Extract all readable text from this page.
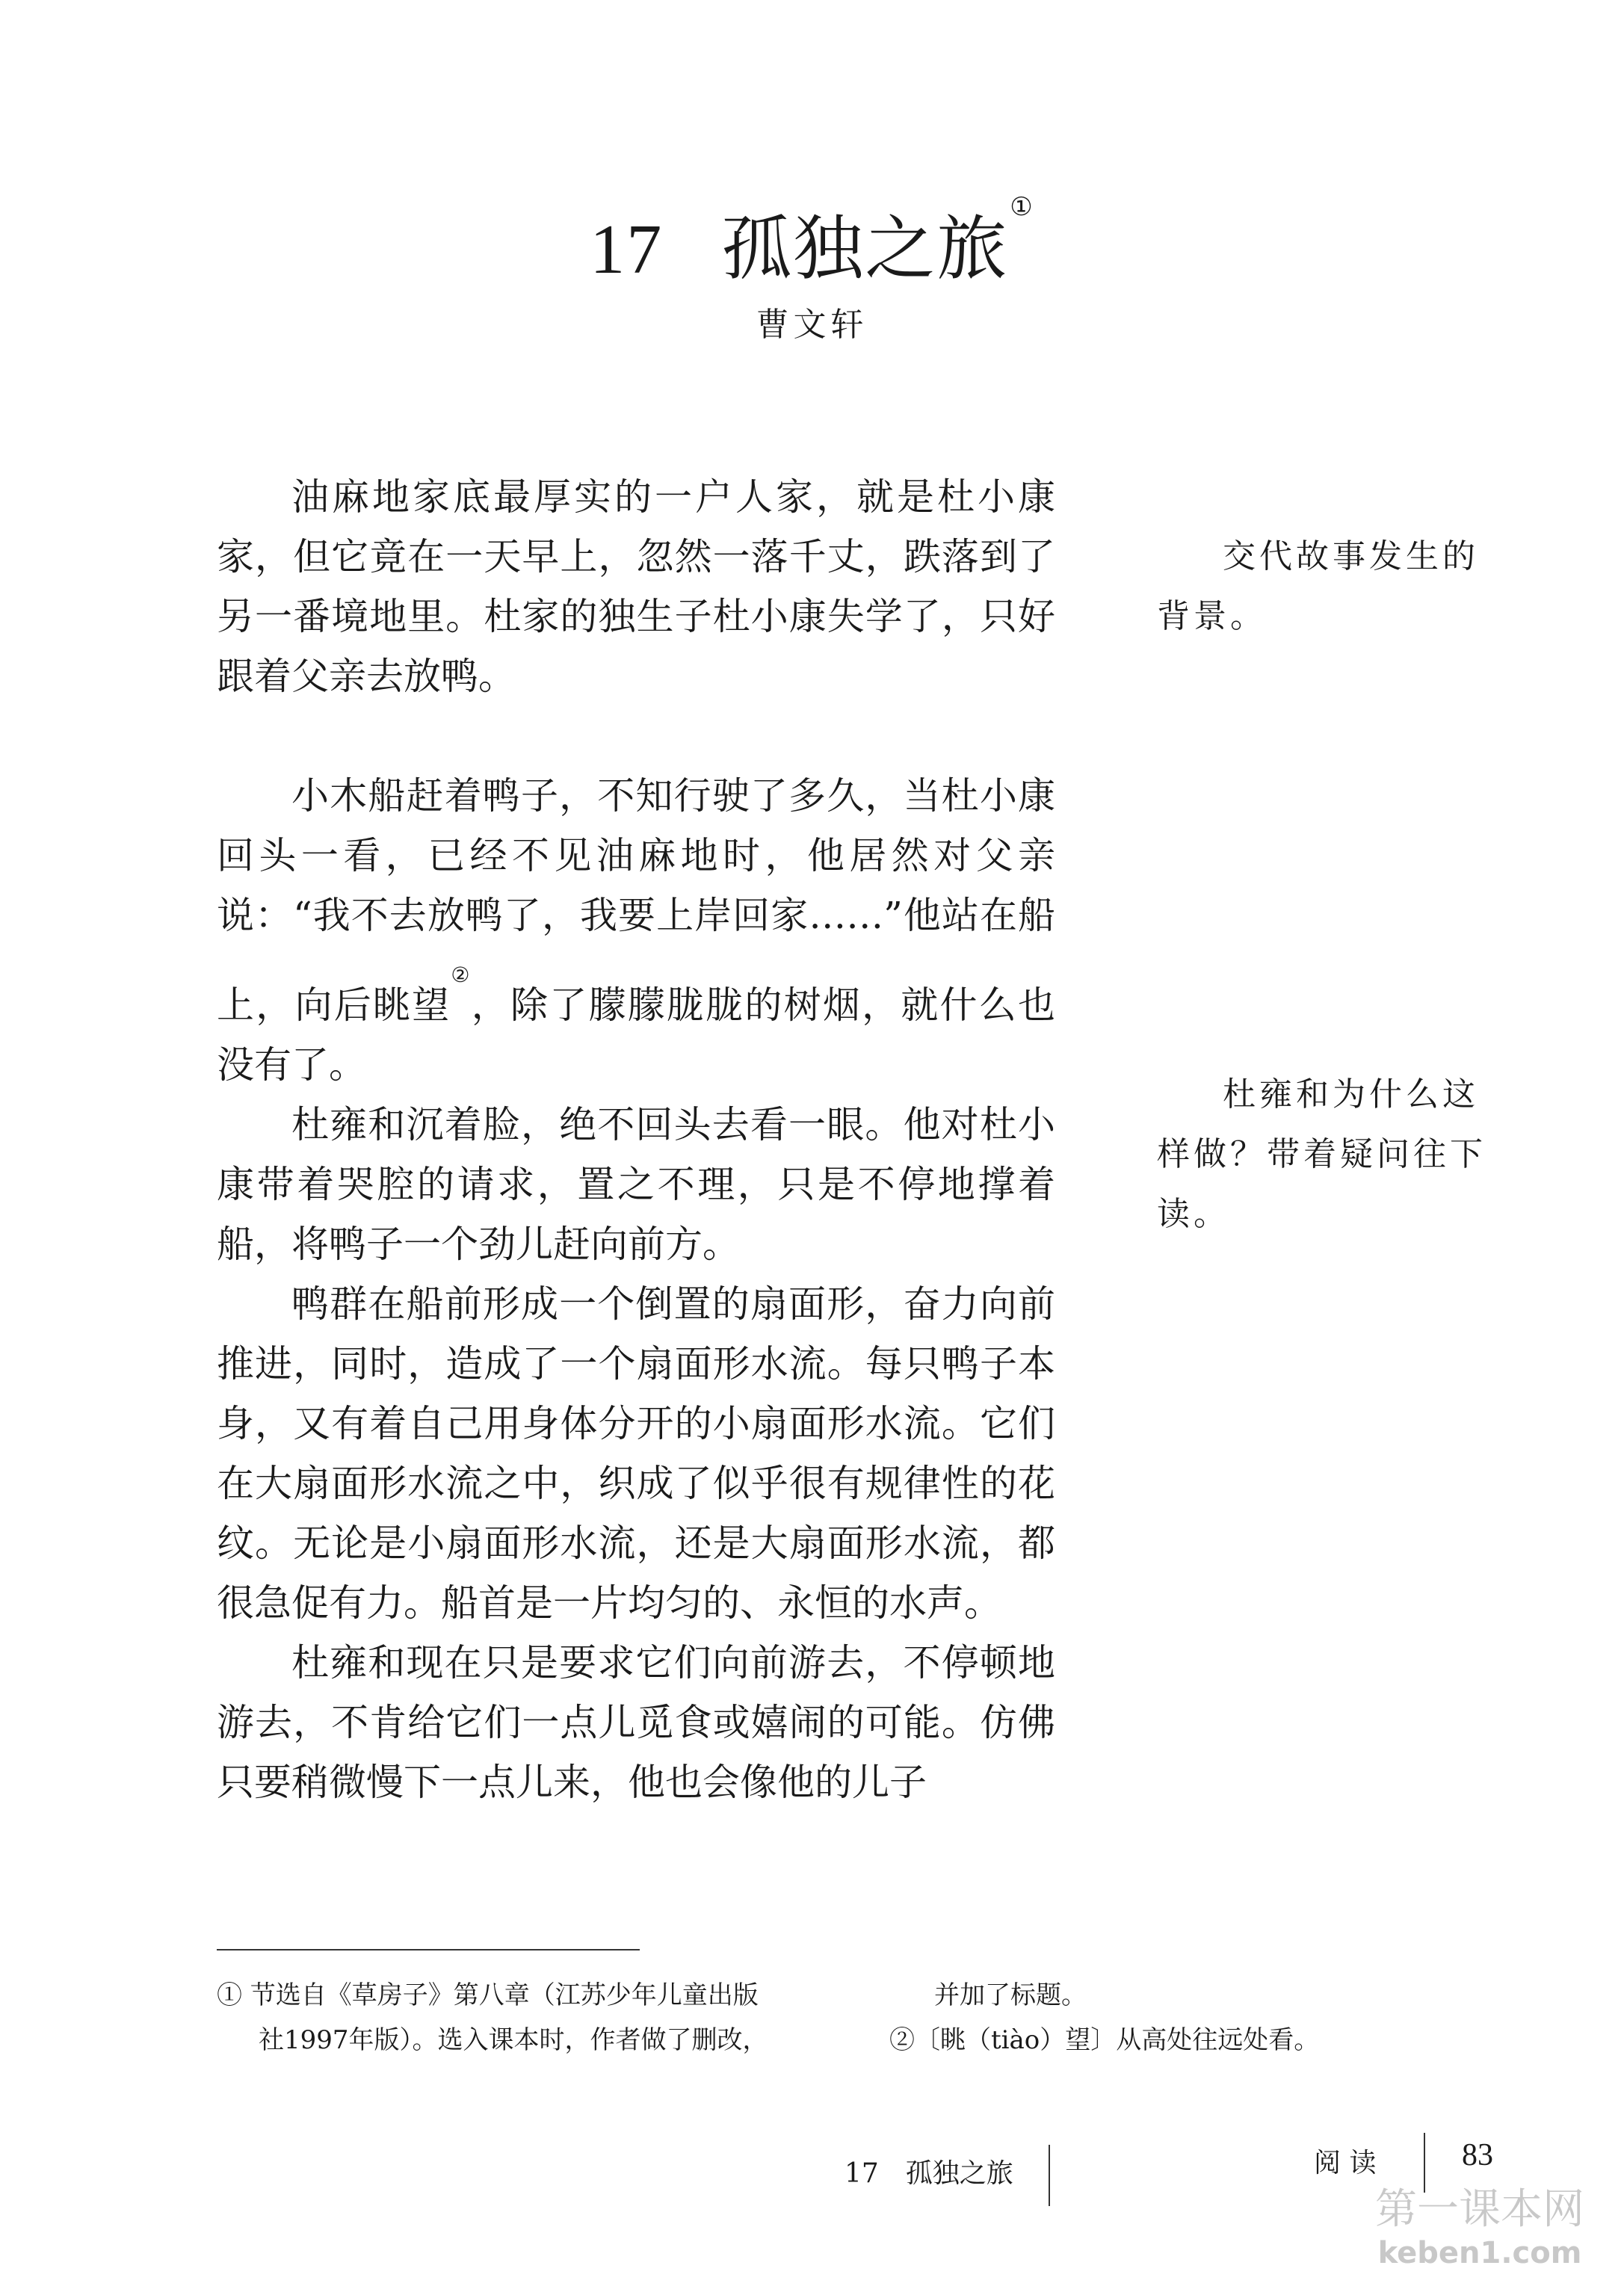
17 孤独之旅①
曹文轩

油麻地家底最厚实的一户人家，就是杜小康家，但它竟在一天早上，忽然一落千丈，跌落到了另一番境地里。杜家的独生子杜小康失学了，只好跟着父亲去放鸭。

小木船赶着鸭子，不知行驶了多久，当杜小康回头一看，已经不见油麻地时，他居然对父亲说：“我不去放鸭了，我要上岸回家……”他站在船上，向后眺望②，除了朦朦胧胧的树烟，就什么也没有了。

杜雍和沉着脸，绝不回头去看一眼。他对杜小康带着哭腔的请求，置之不理，只是不停地撑着船，将鸭子一个劲儿赶向前方。

鸭群在船前形成一个倒置的扇面形，奋力向前推进，同时，造成了一个扇面形水流。每只鸭子本身，又有着自己用身体分开的小扇面形水流。它们在大扇面形水流之中，织成了似乎很有规律性的花纹。无论是小扇面形水流，还是大扇面形水流，都很急促有力。船首是一片均匀的、永恒的水声。

杜雍和现在只是要求它们向前游去，不停顿地游去，不肯给它们一点儿觅食或嬉闹的可能。仿佛只要稍微慢下一点儿来，他也会像他的儿子

交代故事发生的背景。

杜雍和为什么这样做？带着疑问往下读。

① 节选自《草房子》第八章（江苏少年儿童出版

社1997年版）。选入课本时，作者做了删改，

并加了标题。

②〔眺（tiào）望〕从高处往远处看。

17　孤独之旅	阅 读	83
第一课本网
keben1.com
